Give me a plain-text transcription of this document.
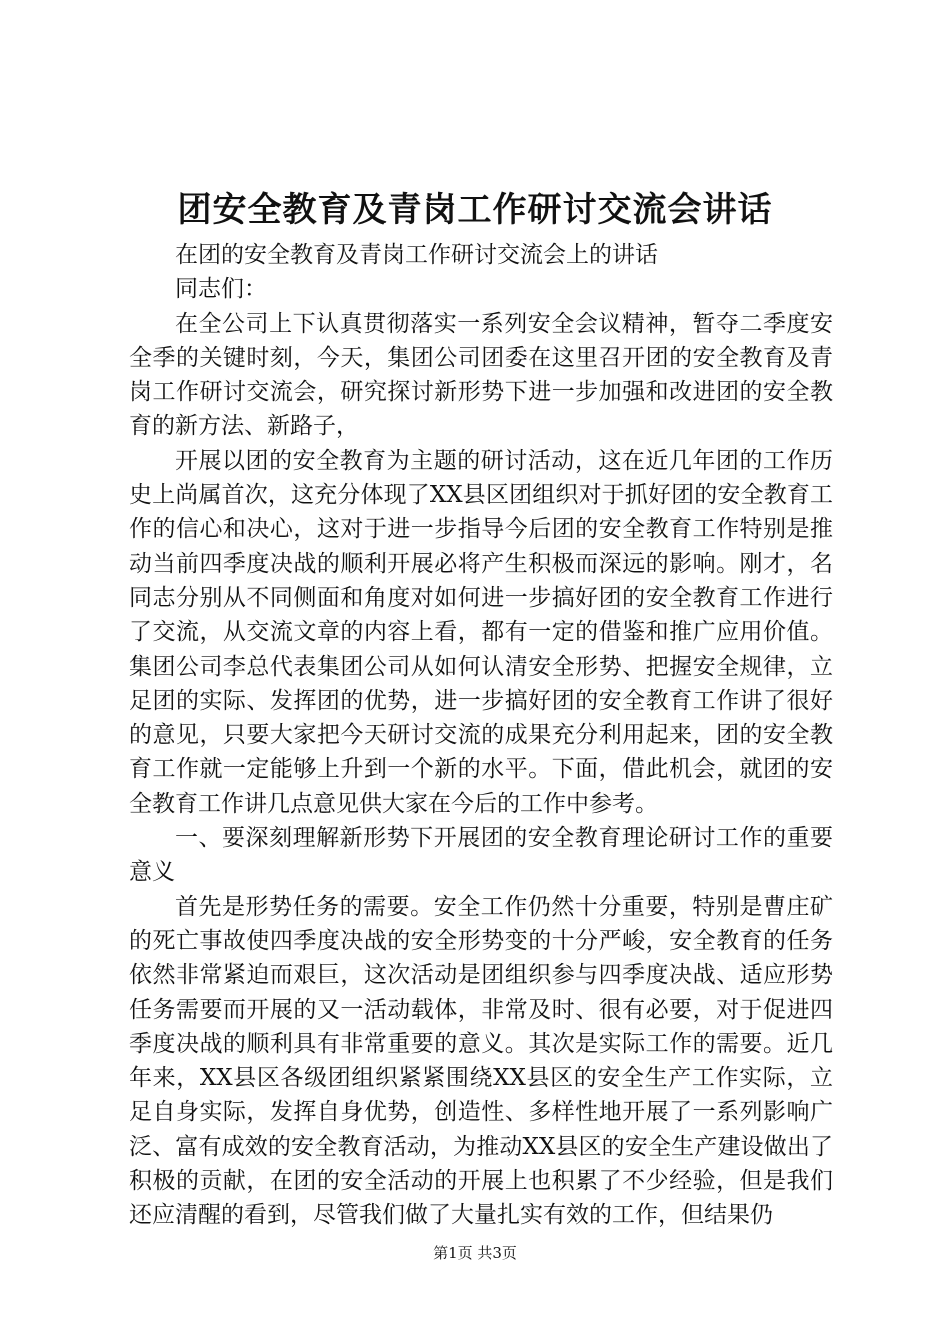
团安全教育及青岗工作研讨交流会讲话

在团的安全教育及青岗工作研讨交流会上的讲话

同志们：

在全公司上下认真贯彻落实一系列安全会议精神，暂夺二季度安全季的关键时刻，今天，集团公司团委在这里召开团的安全教育及青岗工作研讨交流会，研究探讨新形势下进一步加强和改进团的安全教育的新方法、新路子，

开展以团的安全教育为主题的研讨活动，这在近几年团的工作历史上尚属首次，这充分体现了XX县区团组织对于抓好团的安全教育工作的信心和决心，这对于进一步指导今后团的安全教育工作特别是推动当前四季度决战的顺利开展必将产生积极而深远的影响。刚才，名同志分别从不同侧面和角度对如何进一步搞好团的安全教育工作进行了交流，从交流文章的内容上看，都有一定的借鉴和推广应用价值。集团公司李总代表集团公司从如何认清安全形势、把握安全规律，立足团的实际、发挥团的优势，进一步搞好团的安全教育工作讲了很好的意见，只要大家把今天研讨交流的成果充分利用起来，团的安全教育工作就一定能够上升到一个新的水平。下面，借此机会，就团的安全教育工作讲几点意见供大家在今后的工作中参考。

一、要深刻理解新形势下开展团的安全教育理论研讨工作的重要意义

首先是形势任务的需要。安全工作仍然十分重要，特别是曹庄矿的死亡事故使四季度决战的安全形势变的十分严峻，安全教育的任务依然非常紧迫而艰巨，这次活动是团组织参与四季度决战、适应形势任务需要而开展的又一活动载体，非常及时、很有必要，对于促进四季度决战的顺利具有非常重要的意义。其次是实际工作的需要。近几年来，XX县区各级团组织紧紧围绕XX县区的安全生产工作实际，立足自身实际，发挥自身优势，创造性、多样性地开展了一系列影响广泛、富有成效的安全教育活动，为推动XX县区的安全生产建设做出了积极的贡献，在团的安全活动的开展上也积累了不少经验，但是我们还应清醒的看到，尽管我们做了大量扎实有效的工作，但结果仍

第1页 共3页
